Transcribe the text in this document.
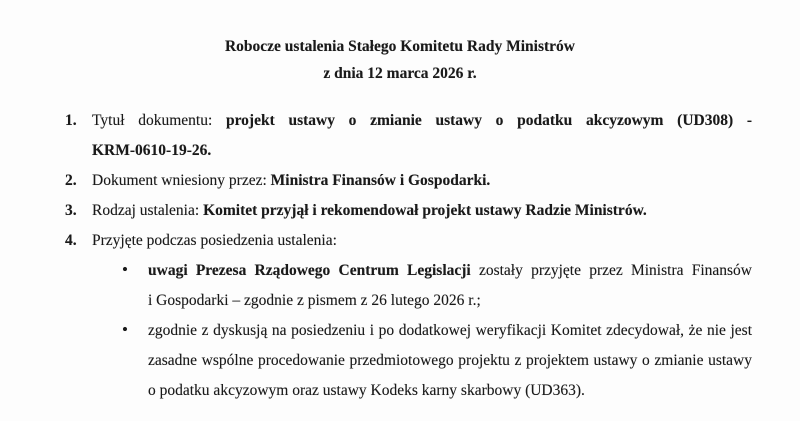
Robocze ustalenia Stałego Komitetu Rady Ministrów
z dnia 12 marca 2026 r.
1. Tytuł dokumentu: projekt ustawy o zmianie ustawy o podatku akcyzowym (UD308) -
KRM-0610-19-26.
2. Dokument wniesiony przez: Ministra Finansów i Gospodarki.
3. Rodzaj ustalenia: Komitet przyjął i rekomendował projekt ustawy Radzie Ministrów.
4. Przyjęte podczas posiedzenia ustalenia:
• uwagi Prezesa Rządowego Centrum Legislacji zostały przyjęte przez Ministra Finansów
i Gospodarki – zgodnie z pismem z 26 lutego 2026 r.;
• zgodnie z dyskusją na posiedzeniu i po dodatkowej weryfikacji Komitet zdecydował, że nie jest
zasadne wspólne procedowanie przedmiotowego projektu z projektem ustawy o zmianie ustawy
o podatku akcyzowym oraz ustawy Kodeks karny skarbowy (UD363).
